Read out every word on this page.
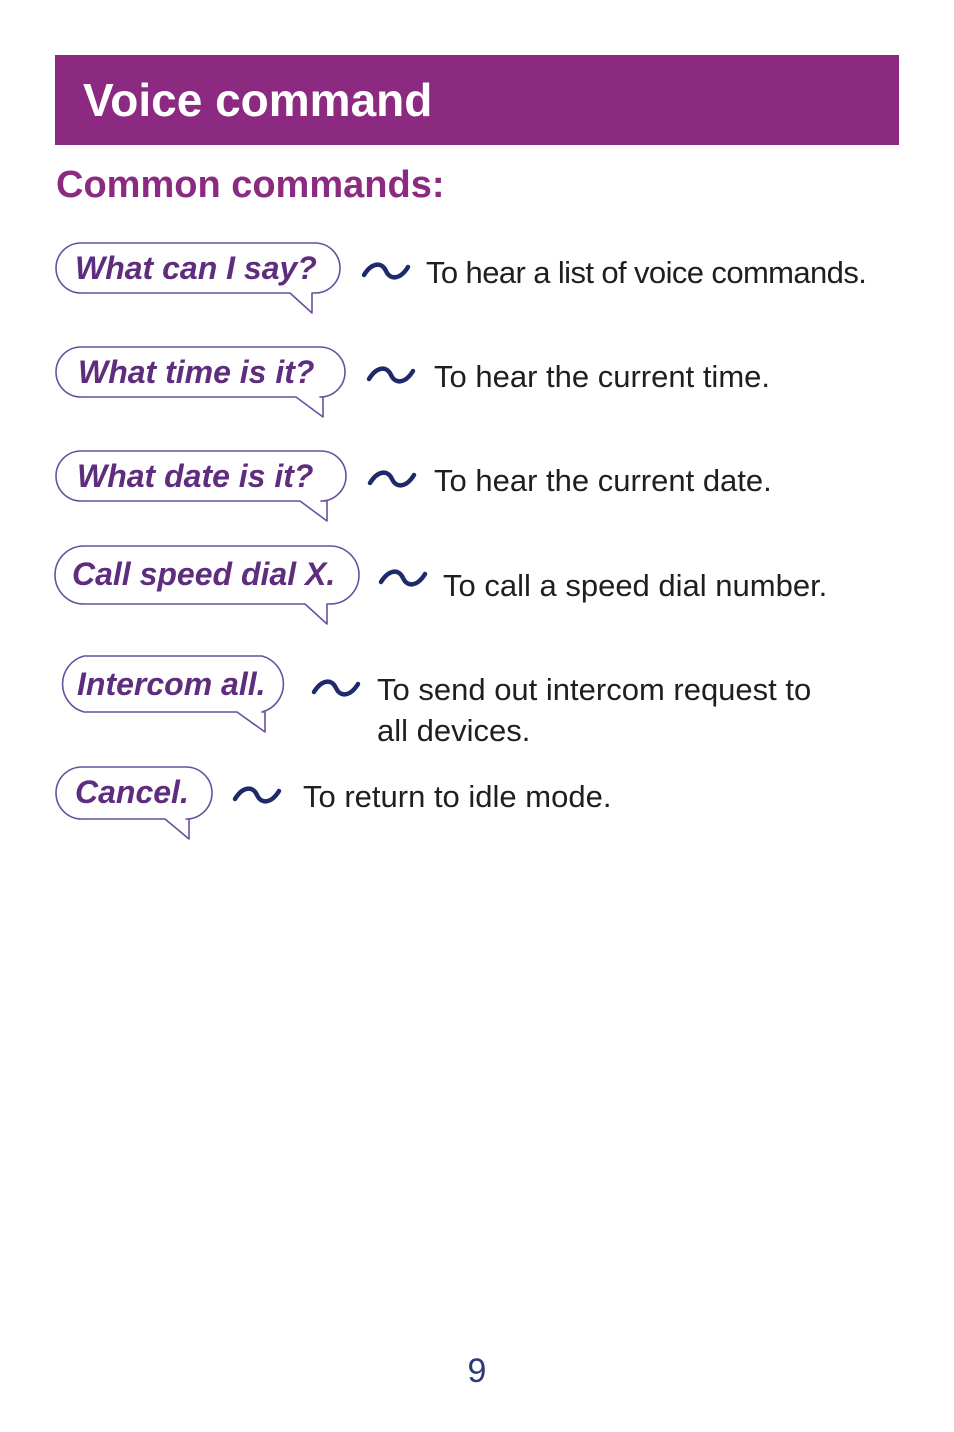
Voice command
Common commands:
What can I say?	To hear a list of voice commands.
What time is it?	To hear the current time.
What date is it?	To hear the current date.
Call speed dial X.	To call a speed dial number.
Intercom all.	To send out intercom request to
all devices.
Cancel.	To return to idle mode.
9
